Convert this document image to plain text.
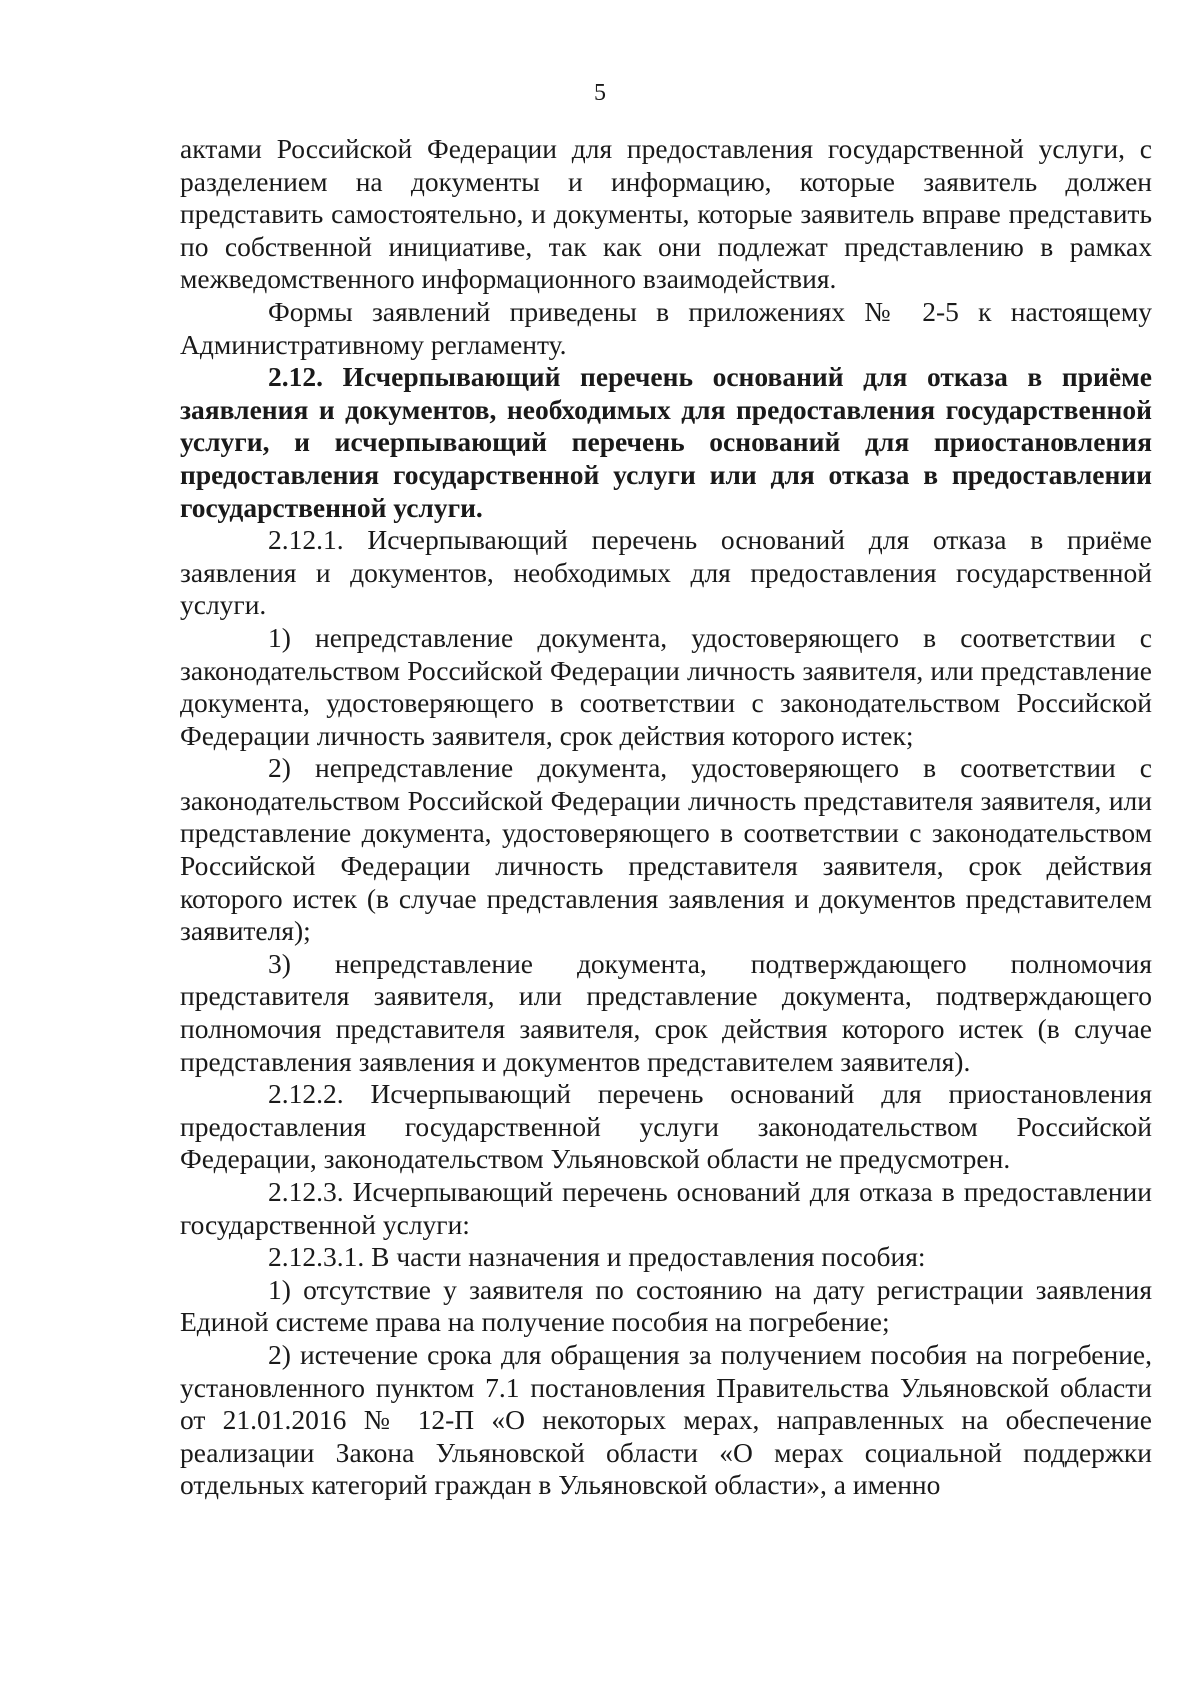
5

актами Российской Федерации для предоставления государственной услуги, с разделением на документы и информацию, которые заявитель должен представить самостоятельно, и документы, которые заявитель вправе представить по собственной инициативе, так как они подлежат представлению в рамках межведомственного информационного взаимодействия.

Формы заявлений приведены в приложениях № 2-5 к настоящему Административному регламенту.

2.12. Исчерпывающий перечень оснований для отказа в приёме заявления и документов, необходимых для предоставления государственной услуги, и исчерпывающий перечень оснований для приостановления предоставления государственной услуги или для отказа в предоставлении государственной услуги.

2.12.1. Исчерпывающий перечень оснований для отказа в приёме заявления и документов, необходимых для предоставления государственной услуги.

1) непредставление документа, удостоверяющего в соответствии с законодательством Российской Федерации личность заявителя, или представление документа, удостоверяющего в соответствии с законодательством Российской Федерации личность заявителя, срок действия которого истек;

2) непредставление документа, удостоверяющего в соответствии с законодательством Российской Федерации личность представителя заявителя, или представление документа, удостоверяющего в соответствии с законодательством Российской Федерации личность представителя заявителя, срок действия которого истек (в случае представления заявления и документов представителем заявителя);

3) непредставление документа, подтверждающего полномочия представителя заявителя, или представление документа, подтверждающего полномочия представителя заявителя, срок действия которого истек (в случае представления заявления и документов представителем заявителя).

2.12.2. Исчерпывающий перечень оснований для приостановления предоставления государственной услуги законодательством Российской Федерации, законодательством Ульяновской области не предусмотрен.

2.12.3. Исчерпывающий перечень оснований для отказа в предоставлении государственной услуги:

2.12.3.1. В части назначения и предоставления пособия:

1) отсутствие у заявителя по состоянию на дату регистрации заявления Единой системе права на получение пособия на погребение;

2) истечение срока для обращения за получением пособия на погребение, установленного пунктом 7.1 постановления Правительства Ульяновской области от 21.01.2016 № 12-П «О некоторых мерах, направленных на обеспечение реализации Закона Ульяновской области «О мерах социальной поддержки отдельных категорий граждан в Ульяновской области», а именно
